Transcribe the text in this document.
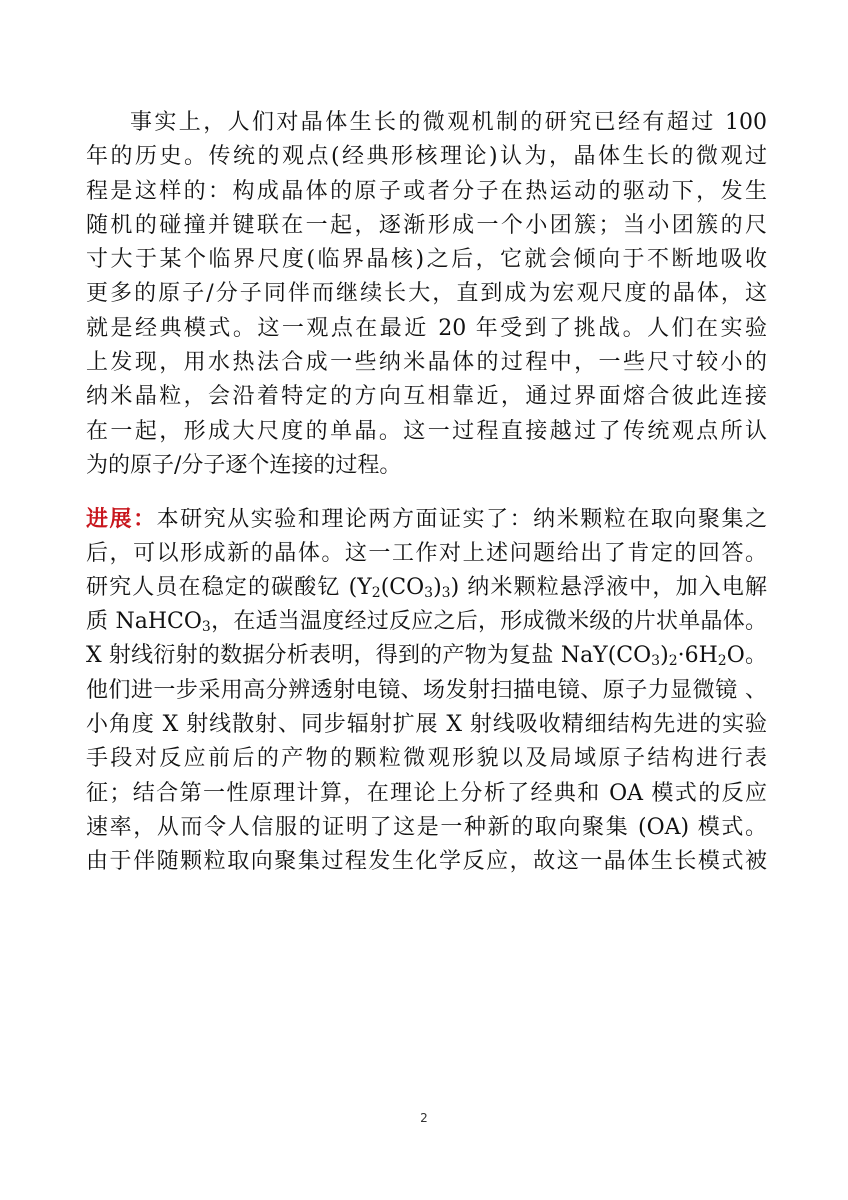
事实上，人们对晶体生长的微观机制的研究已经有超过 100
年的历史。传统的观点(经典形核理论)认为，晶体生长的微观过
程是这样的：构成晶体的原子或者分子在热运动的驱动下，发生
随机的碰撞并键联在一起，逐渐形成一个小团簇；当小团簇的尺
寸大于某个临界尺度(临界晶核)之后，它就会倾向于不断地吸收
更多的原子/分子同伴而继续长大，直到成为宏观尺度的晶体，这
就是经典模式。这一观点在最近 20 年受到了挑战。人们在实验
上发现，用水热法合成一些纳米晶体的过程中，一些尺寸较小的
纳米晶粒，会沿着特定的方向互相靠近，通过界面熔合彼此连接
在一起，形成大尺度的单晶。这一过程直接越过了传统观点所认
为的原子/分子逐个连接的过程。
进展：本研究从实验和理论两方面证实了：纳米颗粒在取向聚集之
后，可以形成新的晶体。这一工作对上述问题给出了肯定的回答。
研究人员在稳定的碳酸钇 $(Y_2(CO_3)_3)$ 纳米颗粒悬浮液中，加入电解
质 NaHCO$_3$，在适当温度经过反应之后，形成微米级的片状单晶体。
X 射线衍射的数据分析表明，得到的产物为复盐 $NaY(CO_3)_2\cdot 6H_2O$。
他们进一步采用高分辨透射电镜、场发射扫描电镜、原子力显微镜 、
小角度 X 射线散射、同步辐射扩展 X 射线吸收精细结构先进的实验
手段对反应前后的产物的颗粒微观形貌以及局域原子结构进行表
征；结合第一性原理计算，在理论上分析了经典和 OA 模式的反应
速率，从而令人信服的证明了这是一种新的取向聚集 (OA) 模式。
由于伴随颗粒取向聚集过程发生化学反应，故这一晶体生长模式被
2
